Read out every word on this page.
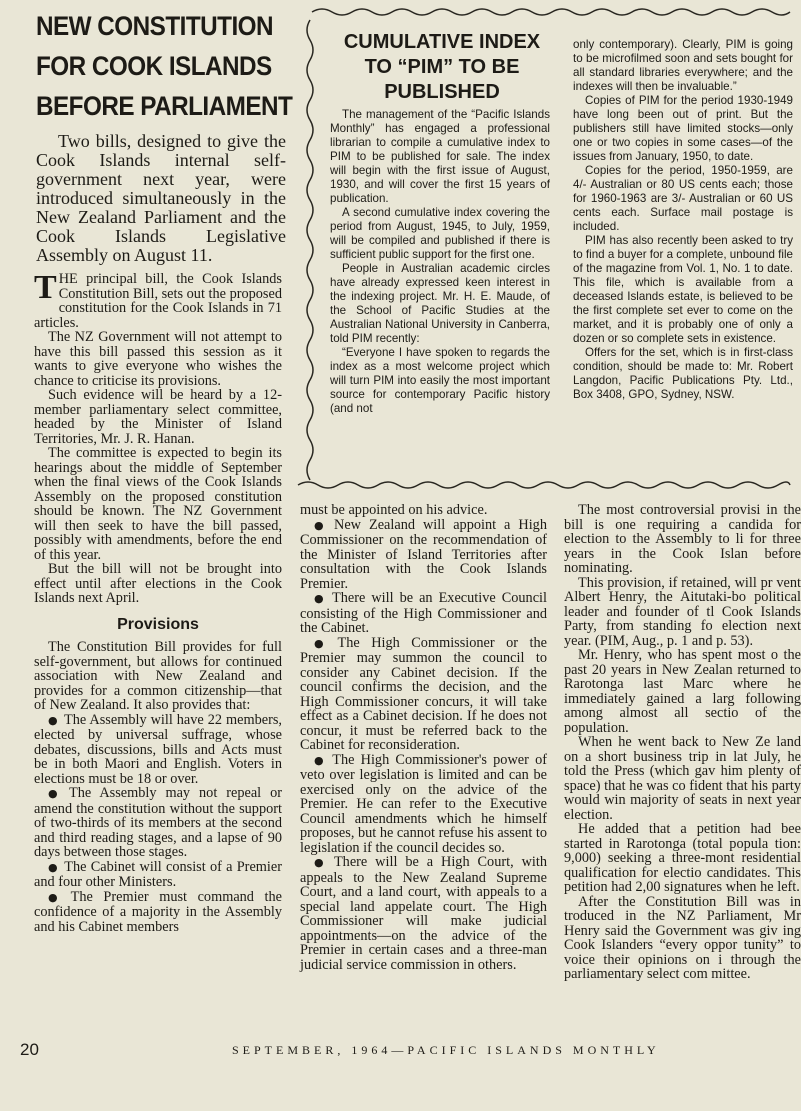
NEW CONSTITUTION
FOR COOK ISLANDS
BEFORE PARLIAMENT
Two bills, designed to give the Cook Islands internal self-government next year, were introduced simultaneously in the New Zealand Parliament and the Cook Islands Legislative Assembly on August 11.

THE principal bill, the Cook Islands Constitution Bill, sets out the proposed constitution for the Cook Islands in 71 articles.

The NZ Government will not attempt to have this bill passed this session as it wants to give everyone who wishes the chance to criticise its provisions.

Such evidence will be heard by a 12-member parliamentary select committee, headed by the Minister of Island Territories, Mr. J. R. Hanan.

The committee is expected to begin its hearings about the middle of September when the final views of the Cook Islands Assembly on the proposed constitution should be known. The NZ Government will then seek to have the bill passed, possibly with amendments, before the end of this year.

But the bill will not be brought into effect until after elections in the Cook Islands next April.

Provisions

The Constitution Bill provides for full self-government, but allows for continued association with New Zealand and provides for a common citizenship—that of New Zealand. It also provides that:

● The Assembly will have 22 members, elected by universal suffrage, whose debates, discussions, bills and Acts must be in both Maori and English. Voters in elections must be 18 or over.

● The Assembly may not repeal or amend the constitution without the support of two-thirds of its members at the second and third reading stages, and a lapse of 90 days between those stages.

● The Cabinet will consist of a Premier and four other Ministers.

● The Premier must command the confidence of a majority in the Assembly and his Cabinet members

CUMULATIVE INDEX
TO “PIM” TO BE
PUBLISHED

The management of the “Pacific Islands Monthly” has engaged a professional librarian to compile a cumulative index to PIM to be published for sale. The index will begin with the first issue of August, 1930, and will cover the first 15 years of publication.

A second cumulative index covering the period from August, 1945, to July, 1959, will be compiled and published if there is sufficient public support for the first one.

People in Australian academic circles have already expressed keen interest in the indexing project. Mr. H. E. Maude, of the School of Pacific Studies at the Australian National University in Canberra, told PIM recently:

“Everyone I have spoken to regards the index as a most welcome project which will turn PIM into easily the most important source for contemporary Pacific history (and not

only contemporary). Clearly, PIM is going to be microfilmed soon and sets bought for all standard libraries everywhere; and the indexes will then be invaluable.”

Copies of PIM for the period 1930-1949 have long been out of print. But the publishers still have limited stocks—only one or two copies in some cases—of the issues from January, 1950, to date.

Copies for the period, 1950-1959, are 4/- Australian or 80 US cents each; those for 1960-1963 are 3/- Australian or 60 US cents each. Surface mail postage is included.

PIM has also recently been asked to try to find a buyer for a complete, unbound file of the magazine from Vol. 1, No. 1 to date. This file, which is available from a deceased Islands estate, is believed to be the first complete set ever to come on the market, and it is probably one of only a dozen or so complete sets in existence.

Offers for the set, which is in first-class condition, should be made to: Mr. Robert Langdon, Pacific Publications Pty. Ltd., Box 3408, GPO, Sydney, NSW.

must be appointed on his advice.

● New Zealand will appoint a High Commissioner on the recommendation of the Minister of Island Territories after consultation with the Cook Islands Premier.

● There will be an Executive Council consisting of the High Commissioner and the Cabinet.

● The High Commissioner or the Premier may summon the council to consider any Cabinet decision. If the council confirms the decision, and the High Commissioner concurs, it will take effect as a Cabinet decision. If he does not concur, it must be referred back to the Cabinet for reconsideration.

● The High Commissioner's power of veto over legislation is limited and can be exercised only on the advice of the Premier. He can refer to the Executive Council amendments which he himself proposes, but he cannot refuse his assent to legislation if the council decides so.

● There will be a High Court, with appeals to the New Zealand Supreme Court, and a land court, with appeals to a special land appelate court. The High Commissioner will make judicial appointments—on the advice of the Premier in certain cases and a three-man judicial service commission in others.

The most controversial provisi in the bill is one requiring a candida for election to the Assembly to li for three years in the Cook Islan before nominating.

This provision, if retained, will pr vent Albert Henry, the Aitutaki-bo political leader and founder of tl Cook Islands Party, from standing fo election next year. (PIM, Aug., p. 1 and p. 53).

Mr. Henry, who has spent most o the past 20 years in New Zealan returned to Rarotonga last Marc where he immediately gained a larg following among almost all sectio of the population.

When he went back to New Ze land on a short business trip in lat July, he told the Press (which gav him plenty of space) that he was co fident that his party would win majority of seats in next year election.

He added that a petition had bee started in Rarotonga (total popula tion: 9,000) seeking a three-mont residential qualification for electio candidates. This petition had 2,00 signatures when he left.

After the Constitution Bill was in troduced in the NZ Parliament, Mr Henry said the Government was giv ing Cook Islanders “every oppor tunity” to voice their opinions on i through the parliamentary select com mittee.

20	SEPTEMBER, 1964—PACIFIC ISLANDS MONTHLY
